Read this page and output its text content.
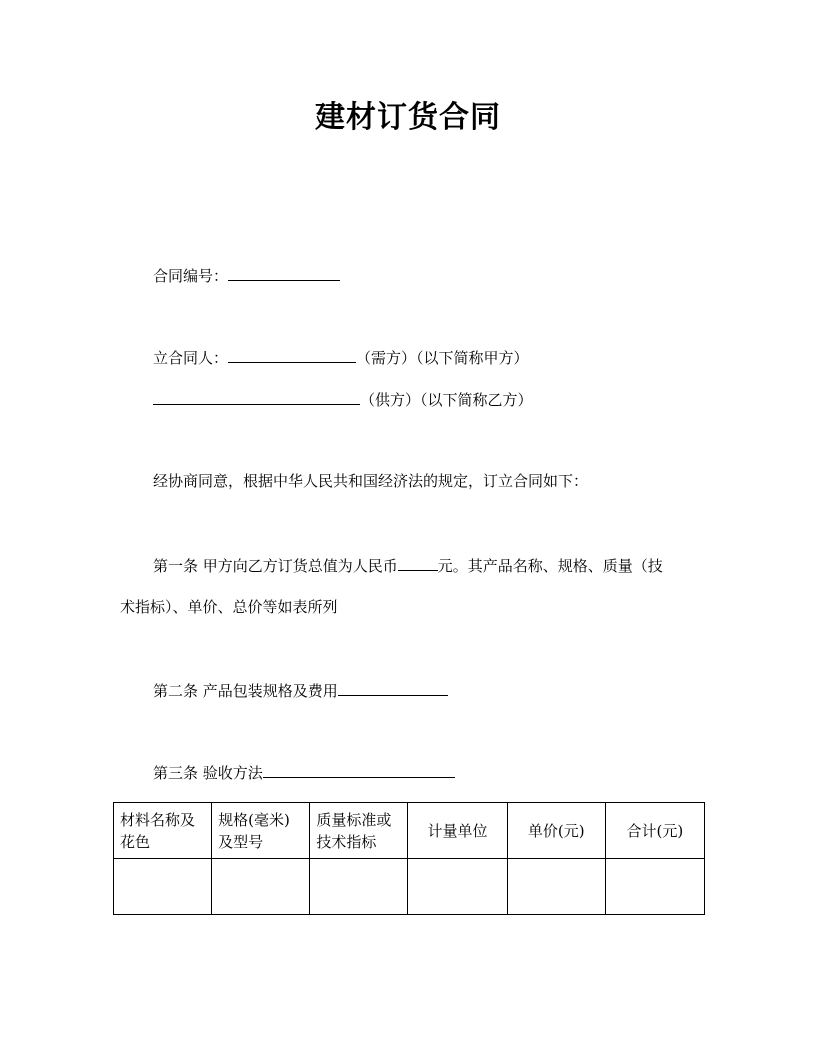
建材订货合同
合同编号：
立合同人：	（需方）（以下简称甲方）
（供方）（以下简称乙方）
经协商同意，根据中华人民共和国经济法的规定，订立合同如下：
第一条 甲方向乙方订货总值为人民币	元。其产品名称、规格、质量（技
术指标）、单价、总价等如表所列
第二条 产品包装规格及费用
第三条 验收方法
材料名称及花色	规格(毫米)及型号	质量标准或技术指标	计量单位	单价(元)	合计(元)
